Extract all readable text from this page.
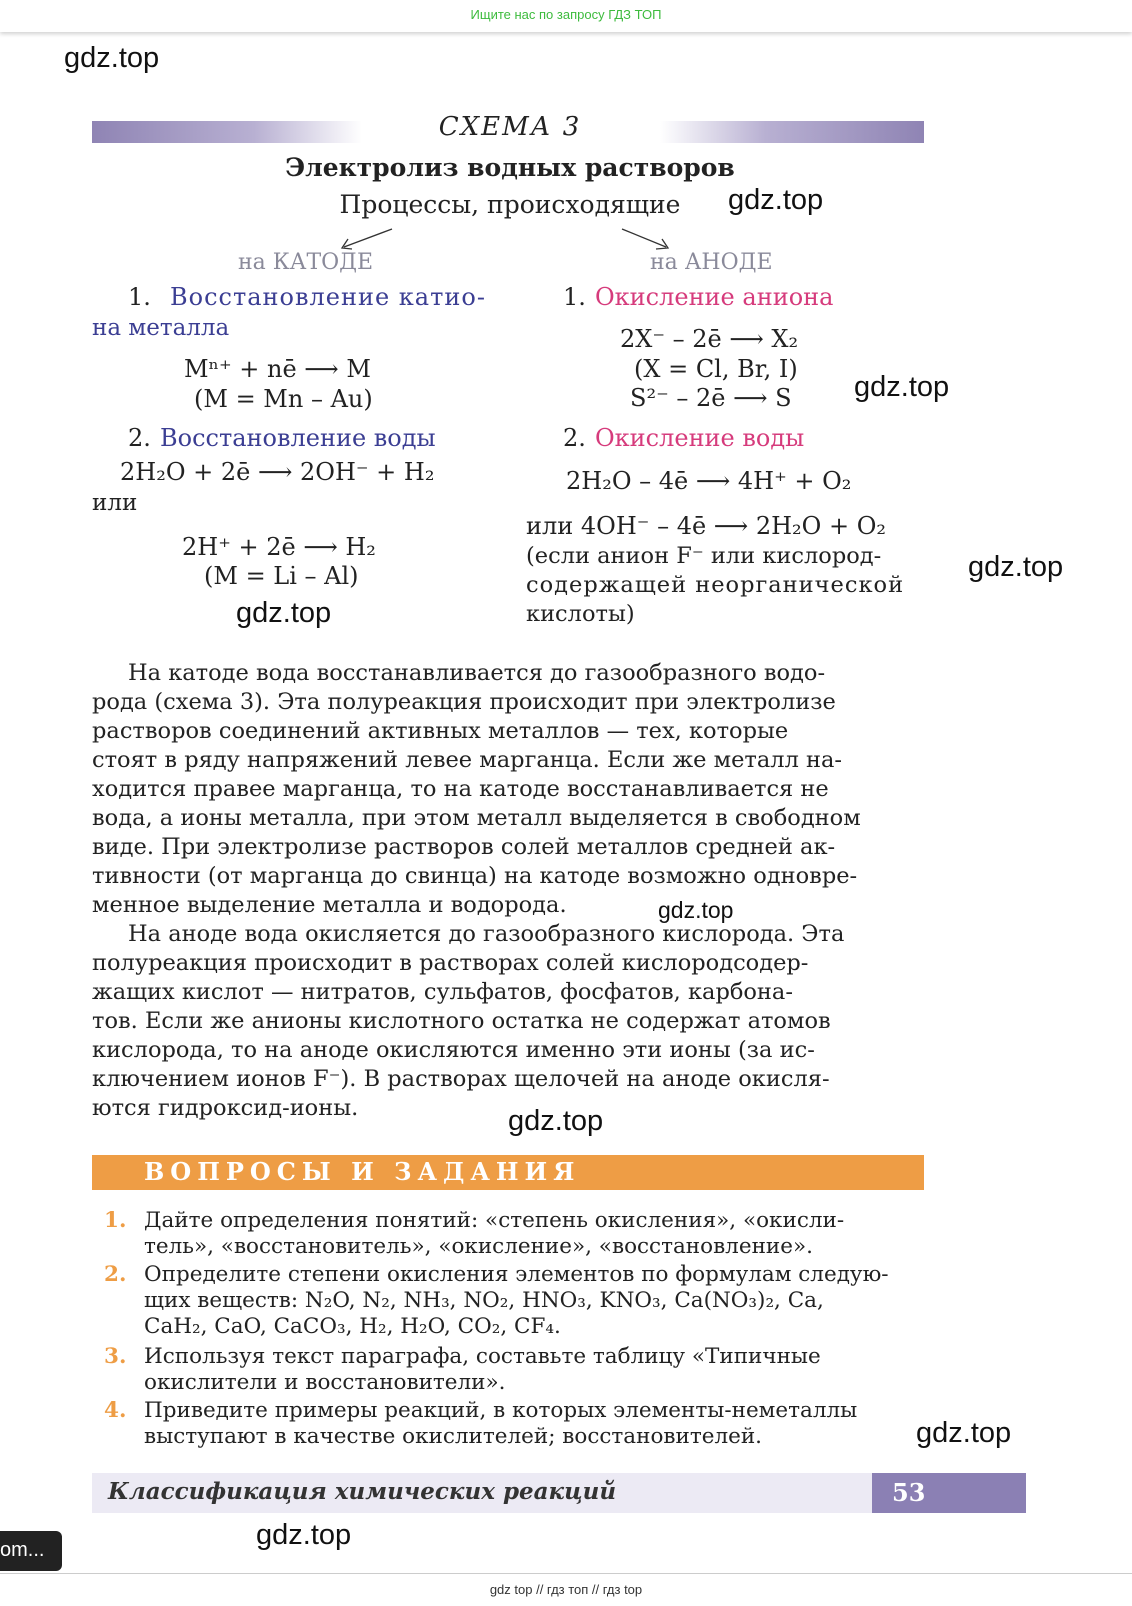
Ищите нас по запросу ГДЗ ТОП
gdz.top
gdz.top
gdz.top
gdz.top
gdz.top
gdz.top
gdz.top
gdz.top
gdz.top
СХЕМА 3
Электролиз водных растворов
Процессы, происходящие
на КАТОДЕ	на АНОДЕ
1. Восстановление катио-
на металла
Mⁿ⁺ + nē ⟶ M
(M = Mn – Au)
2. Восстановление воды
2H₂O + 2ē ⟶ 2OH⁻ + H₂
или
2H⁺ + 2ē ⟶ H₂
(M = Li – Al)
1. Окисление аниона
2X⁻ – 2ē ⟶ X₂
(X = Cl, Br, I)
S²⁻ – 2ē ⟶ S
2. Окисление воды
2H₂O – 4ē ⟶ 4H⁺ + O₂
или 4OH⁻ – 4ē ⟶ 2H₂O + O₂
(если анион F⁻ или кислород-
содержащей неорганической
кислоты)
На катоде вода восстанавливается до газообразного водо-
рода (схема 3). Эта полуреакция происходит при электролизе
растворов соединений активных металлов — тех, которые
стоят в ряду напряжений левее марганца. Если же металл на-
ходится правее марганца, то на катоде восстанавливается не
вода, а ионы металла, при этом металл выделяется в свободном
виде. При электролизе растворов солей металлов средней ак-
тивности (от марганца до свинца) на катоде возможно одновре-
менное выделение металла и водорода.
На аноде вода окисляется до газообразного кислорода. Эта
полуреакция происходит в растворах солей кислородсодер-
жащих кислот — нитратов, сульфатов, фосфатов, карбона-
тов. Если же анионы кислотного остатка не содержат атомов
кислорода, то на аноде окисляются именно эти ионы (за ис-
ключением ионов F⁻). В растворах щелочей на аноде окисля-
ются гидроксид-ионы.
ВОПРОСЫ И ЗАДАНИЯ
1. Дайте определения понятий: «степень окисления», «окисли-
тель», «восстановитель», «окисление», «восстановление».
2. Определите степени окисления элементов по формулам следую-
щих веществ: N₂O, N₂, NH₃, NO₂, HNO₃, KNO₃, Ca(NO₃)₂, Ca,
CaH₂, CaO, CaCO₃, H₂, H₂O, CO₂, CF₄.
3. Используя текст параграфа, составьте таблицу «Типичные
окислители и восстановители».
4. Приведите примеры реакций, в которых элементы-неметаллы
выступают в качестве окислителей; восстановителей.
Классификация химических реакций	53
om...
gdz top // гдз топ // гдз top
